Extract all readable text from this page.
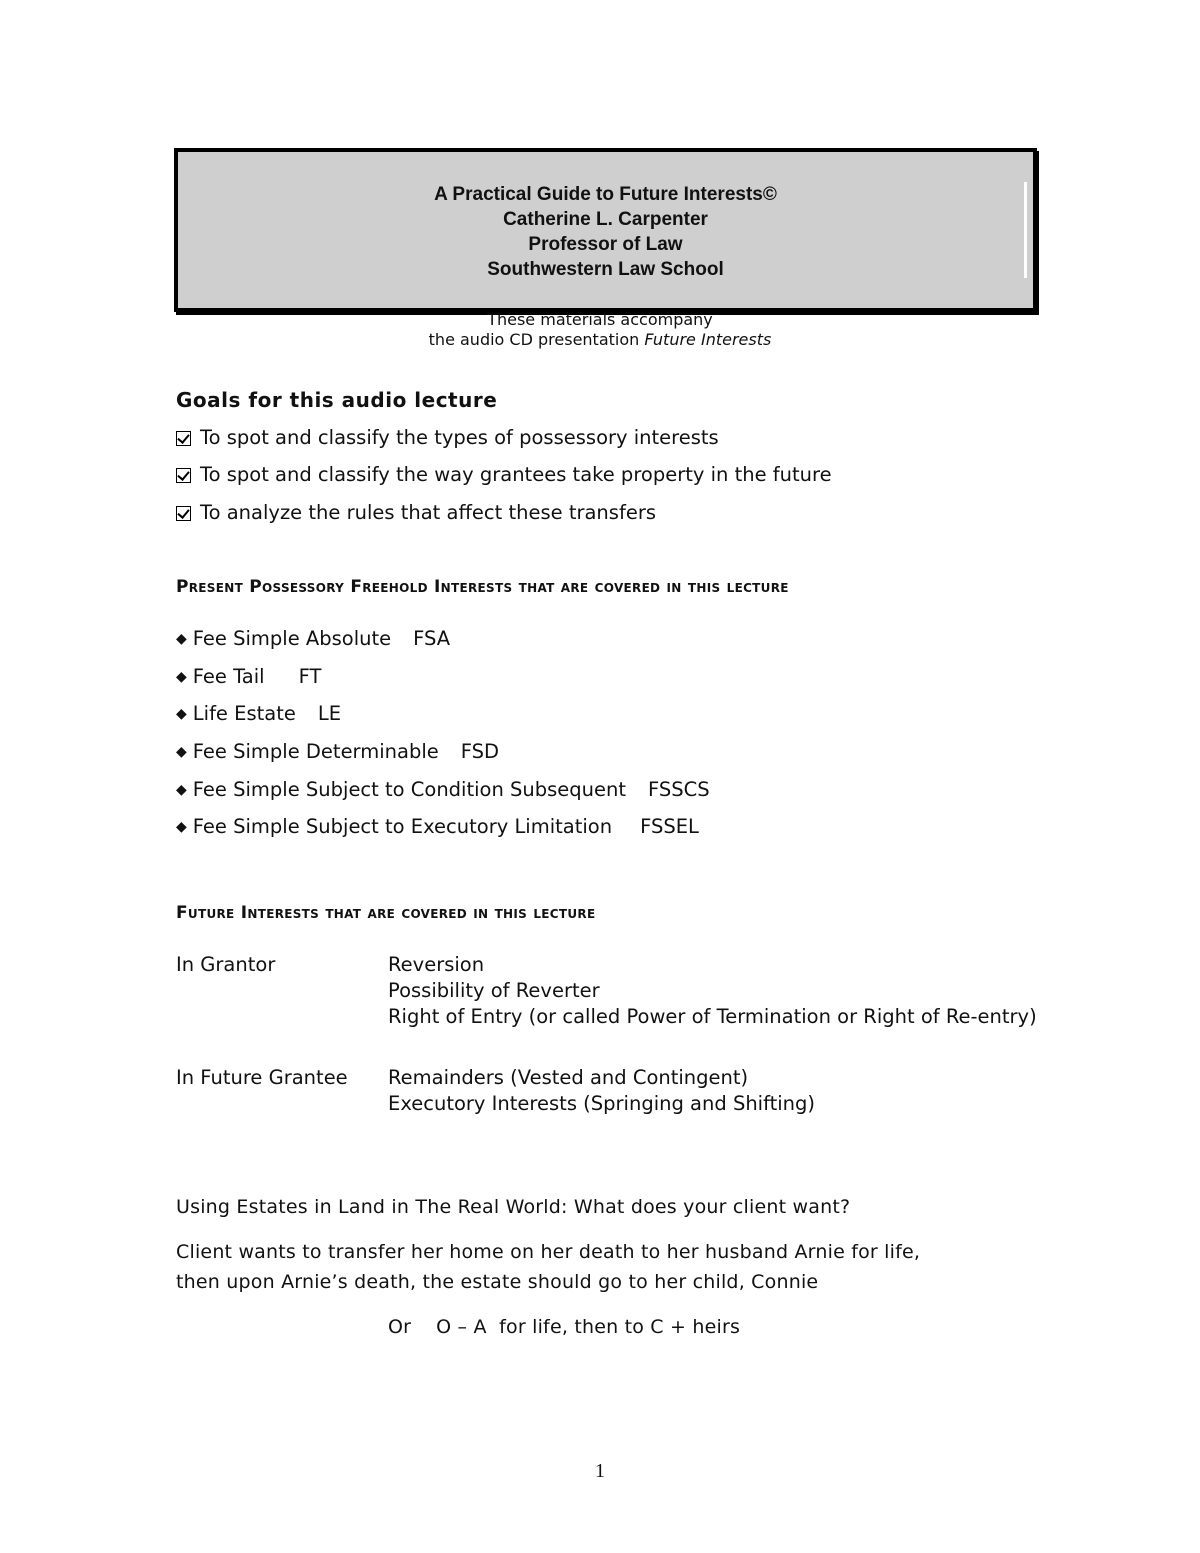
A Practical Guide to Future Interests©
Catherine L. Carpenter
Professor of Law
Southwestern Law School
These materials accompany
the audio CD presentation Future Interests
Goals for this audio lecture
To spot and classify the types of possessory interests
To spot and classify the way grantees take property in the future
To analyze the rules that affect these transfers
Present Possessory Freehold Interests that are covered in this lecture
◆ Fee Simple Absolute FSA
◆ Fee Tail FT
◆ Life Estate LE
◆ Fee Simple Determinable FSD
◆ Fee Simple Subject to Condition Subsequent FSSCS
◆ Fee Simple Subject to Executory Limitation FSSEL
Future Interests that are covered in this lecture
In Grantor	Reversion
Possibility of Reverter
Right of Entry (or called Power of Termination or Right of Re-entry)
In Future Grantee Remainders (Vested and Contingent)
Executory Interests (Springing and Shifting)
Using Estates in Land in The Real World: What does your client want?
Client wants to transfer her home on her death to her husband Arnie for life,
then upon Arnie’s death, the estate should go to her child, Connie
Or    O – A  for life, then to C + heirs
1
